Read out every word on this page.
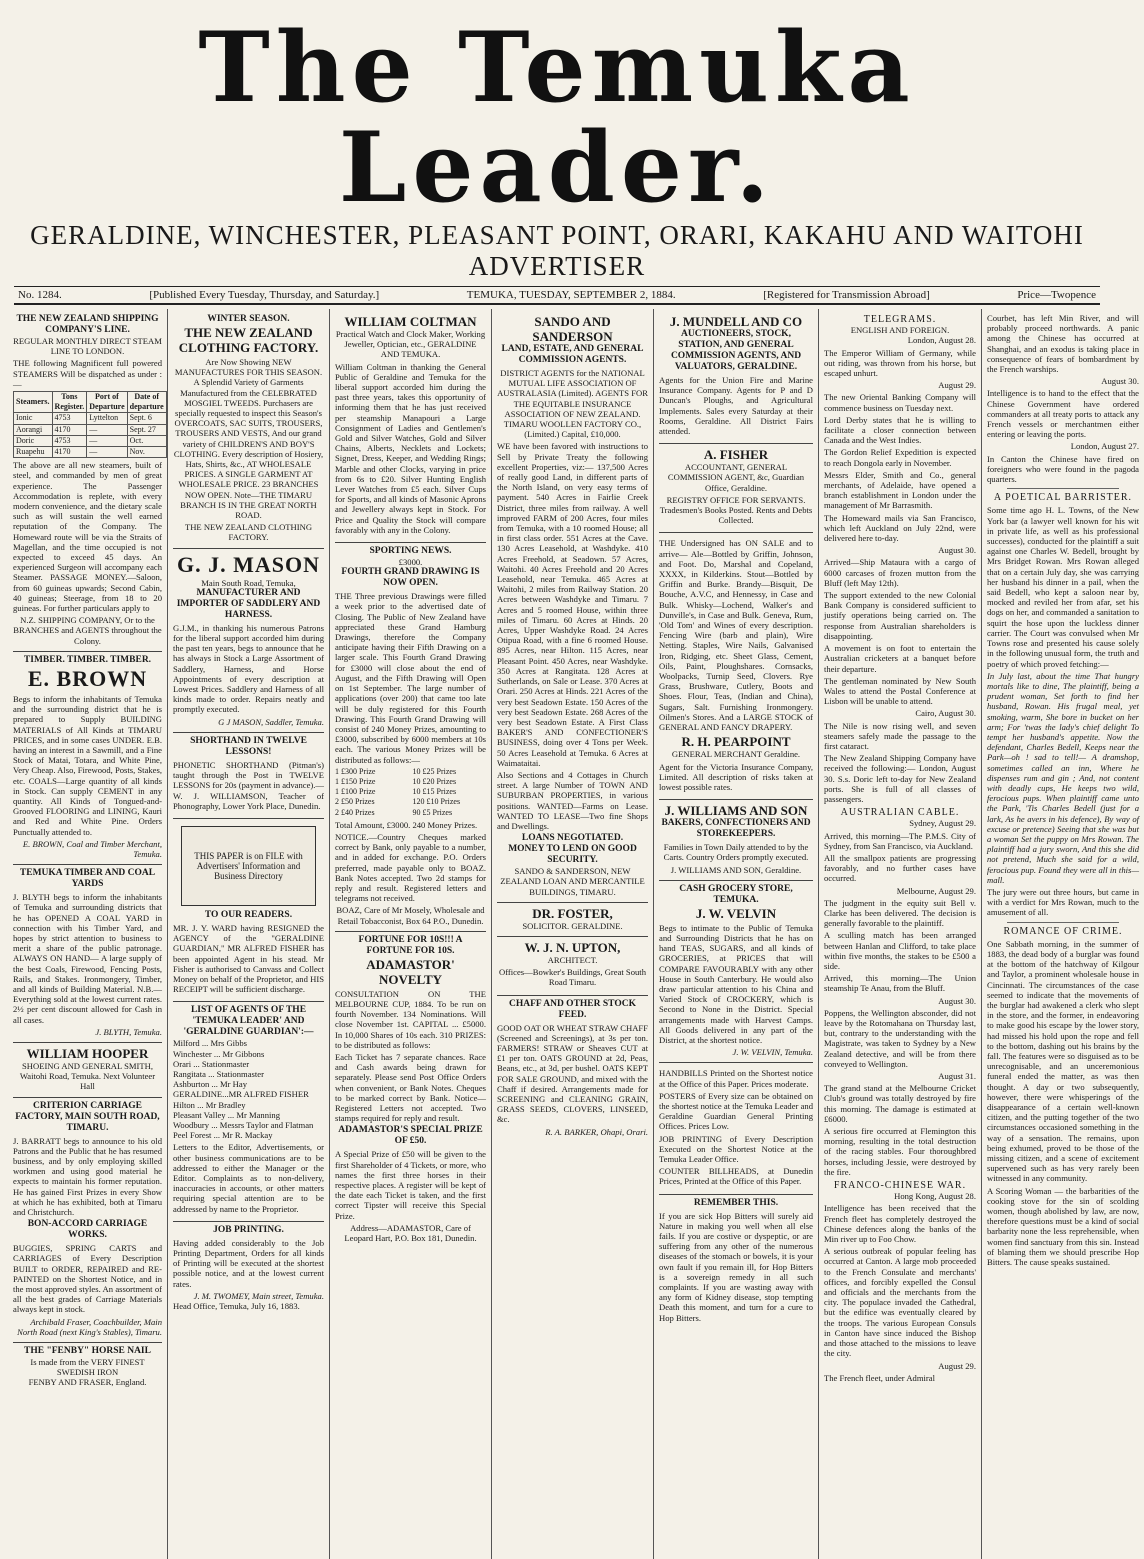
The Temuka Leader.
GERALDINE, WINCHESTER, PLEASANT POINT, ORARI, KAKAHU AND WAITOHI ADVERTISER
No. 1284.	[Published Every Tuesday, Thursday, and Saturday.]	TEMUKA, TUESDAY, SEPTEMBER 2, 1884.	[Registered for Transmission Abroad]	Price—Twopence
THE NEW ZEALAND SHIPPING COMPANY'S LINE.
REGULAR MONTHLY DIRECT STEAM LINE TO LONDON.

THE following Magnificent full powered STEAMERS Will be dispatched as under :—

Steamers.	Tons Register.	Port of Departure	Date of departure
Ionic	4753	Lyttelton	Sept. 6
Aorangi	4170	—	Sept. 27
Doric	4753	—	Oct.
Ruapehu	4170	—	Nov.

The above are all new steamers, built of steel, and commanded by men of great experience. The Passenger Accommodation is replete, with every modern convenience, and the dietary scale such as will sustain the well earned reputation of the Company. The Homeward route will be via the Straits of Magellan, and the time occupied is not expected to exceed 45 days. An experienced Surgeon will accompany each Steamer. PASSAGE MONEY.—Saloon, from 60 guineas upwards; Second Cabin, 40 guineas; Steerage, from 18 to 20 guineas. For further particulars apply to

N.Z. SHIPPING COMPANY, Or to the BRANCHES and AGENTS throughout the Colony.
TIMBER. TIMBER. TIMBER.
E. BROWN

Begs to inform the inhabitants of Temuka and the surrounding district that he is prepared to Supply BUILDING MATERIALS of All Kinds at TIMARU PRICES, and in some cases UNDER. E.B. having an interest in a Sawmill, and a Fine Stock of Matai, Totara, and White Pine, Very Cheap. Also, Firewood, Posts, Stakes, etc. COALS—Large quantity of all kinds in Stock. Can supply CEMENT in any quantity. All Kinds of Tongued-and-Grooved FLOORING and LINING, Kauri and Red and White Pine. Orders Punctually attended to.

E. BROWN, Coal and Timber Merchant, Temuka.
TEMUKA TIMBER AND COAL YARDS

J. BLYTH begs to inform the inhabitants of Temuka and surrounding districts that he has OPENED A COAL YARD in connection with his Timber Yard, and hopes by strict attention to business to merit a share of the public patronage. ALWAYS ON HAND— A large supply of the best Coals, Firewood, Fencing Posts, Rails, and Stakes. Ironmongery, Timber, and all kinds of Building Material. N.B.—Everything sold at the lowest current rates. 2½ per cent discount allowed for Cash in all cases.

J. BLYTH, Temuka.
WILLIAM HOOPER
SHOEING AND GENERAL SMITH, Waitohi Road, Temuka. Next Volunteer Hall
CRITERION CARRIAGE FACTORY, MAIN SOUTH ROAD, TIMARU.

J. BARRATT begs to announce to his old Patrons and the Public that he has resumed business, and by only employing skilled workmen and using good material he expects to maintain his former reputation. He has gained First Prizes in every Show at which he has exhibited, both at Timaru and Christchurch.

BON-ACCORD CARRIAGE WORKS.

BUGGIES, SPRING CARTS and CARRIAGES of Every Description BUILT to ORDER, REPAIRED and RE-PAINTED on the Shortest Notice, and in the most approved styles. An assortment of all the best grades of Carriage Materials always kept in stock.

Archibald Fraser, Coachbuilder, Main North Road (next King's Stables), Timaru.
THE "FENBY" HORSE NAIL
Is made from the VERY FINEST SWEDISH IRON
FENBY AND FRASER, England.
WINTER SEASON.
THE NEW ZEALAND CLOTHING FACTORY.

Are Now Showing NEW MANUFACTURES FOR THIS SEASON. A Splendid Variety of Garments Manufactured from the CELEBRATED MOSGIEL TWEEDS. Purchasers are specially requested to inspect this Season's OVERCOATS, SAC SUITS, TROUSERS, TROUSERS AND VESTS, And our grand variety of CHILDREN'S AND BOY'S CLOTHING. Every description of Hosiery, Hats, Shirts, &c., AT WHOLESALE PRICES. A SINGLE GARMENT AT WHOLESALE PRICE. 23 BRANCHES NOW OPEN. Note—THE TIMARU BRANCH IS IN THE GREAT NORTH ROAD.

THE NEW ZEALAND CLOTHING FACTORY.
G. J. MASON
Main South Road, Temuka,
MANUFACTURER AND IMPORTER OF SADDLERY AND HARNESS.

G.J.M., in thanking his numerous Patrons for the liberal support accorded him during the past ten years, begs to announce that he has always in Stock a Large Assortment of Saddlery, Harness, and Horse Appointments of every description at Lowest Prices. Saddlery and Harness of all kinds made to order. Repairs neatly and promptly executed.

G J MASON, Saddler, Temuka.
SHORTHAND IN TWELVE LESSONS!

PHONETIC SHORTHAND (Pitman's) taught through the Post in TWELVE LESSONS for 20s (payment in advance).—W. J. WILLIAMSON, Teacher of Phonography, Lower York Place, Dunedin.

THIS PAPER is on FILE with Advertisers' Information and Business Directory
TO OUR READERS.

MR. J. Y. WARD having RESIGNED the AGENCY of the "GERALDINE GUARDIAN," MR ALFRED FISHER has been appointed Agent in his stead. Mr Fisher is authorised to Canvass and Collect Money on behalf of the Proprietor, and HIS RECEIPT will be sufficient discharge.

LIST OF AGENTS OF THE 'TEMUKA LEADER' AND 'GERALDINE GUARDIAN':—
Milford ... Mrs Gibbs
Winchester ... Mr Gibbons
Orari ... Stationmaster
Rangitata ... Stationmaster
Ashburton ... Mr Hay
GERALDINE...MR ALFRED FISHER
Hilton ... Mr Bradley
Pleasant Valley ... Mr Manning
Woodbury ... Messrs Taylor and Flatman
Peel Forest ... Mr R. Mackay

Letters to the Editor, Advertisements, or other business communications are to be addressed to either the Manager or the Editor. Complaints as to non-delivery, inaccuracies in accounts, or other matters requiring special attention are to be addressed by name to the Proprietor.

JOB PRINTING.

Having added considerably to the Job Printing Department, Orders for all kinds of Printing will be executed at the shortest possible notice, and at the lowest current rates.

J. M. TWOMEY, Main street, Temuka.
Head Office, Temuka, July 16, 1883.
WILLIAM COLTMAN
Practical Watch and Clock Maker, Working Jeweller, Optician, etc., GERALDINE AND TEMUKA.

William Coltman in thanking the General Public of Geraldine and Temuka for the liberal support accorded him during the past three years, takes this opportunity of informing them that he has just received per steamship Manapouri a Large Consignment of Ladies and Gentlemen's Gold and Silver Watches, Gold and Silver Chains, Alberts, Necklets and Lockets; Signet, Dress, Keeper, and Wedding Rings; Marble and other Clocks, varying in price from 6s to £20. Silver Hunting English Lever Watches from £5 each. Silver Cups for Sports, and all kinds of Masonic Aprons and Jewellery always kept in Stock. For Price and Quality the Stock will compare favorably with any in the Colony.

SPORTING NEWS.
£3000.
FOURTH GRAND DRAWING IS NOW OPEN.

THE Three previous Drawings were filled a week prior to the advertised date of Closing. The Public of New Zealand have appreciated these Grand Hamburg Drawings, therefore the Company anticipate having their Fifth Drawing on a larger scale. This Fourth Grand Drawing for £3000 will close about the end of August, and the Fifth Drawing will Open on 1st September. The large number of applications (over 200) that came too late will be duly registered for this Fourth Drawing. This Fourth Grand Drawing will consist of 240 Money Prizes, amounting to £3000, subscribed by 6000 members at 10s each. The various Money Prizes will be distributed as follows:—

1 £300 Prize	10 £25 Prizes
1 £150 Prize	10 £20 Prizes
1 £100 Prize	10 £15 Prizes
2 £50 Prizes	120 £10 Prizes
2 £40 Prizes	90 £5 Prizes

Total Amount, £3000. 240 Money Prizes.

NOTICE.—Country Cheques marked correct by Bank, only payable to a number, and in added for exchange. P.O. Orders preferred, made payable only to BOAZ. Bank Notes accepted. Two 2d stamps for reply and result. Registered letters and telegrams not received.

BOAZ, Care of Mr Mosely, Wholesale and Retail Tobacconist, Box 64 P.O., Dunedin.
FORTUNE FOR 10S!!! A FORTUNE FOR 10S.
ADAMASTOR' NOVELTY

CONSULTATION ON THE MELBOURNE CUP, 1884. To be run on fourth November. 134 Nominations. Will close November 1st. CAPITAL ... £5000. In 10,000 Shares of 10s each. 310 PRIZES: to be distributed as follows:

Each Ticket has 7 separate chances. Race and Cash awards being drawn for separately. Please send Post Office Orders when convenient, or Bank Notes. Cheques to be marked correct by Bank. Notice—Registered Letters not accepted. Two stamps required for reply and result.

ADAMASTOR'S SPECIAL PRIZE OF £50.

A Special Prize of £50 will be given to the first Shareholder of 4 Tickets, or more, who names the first three horses in their respective places. A register will be kept of the date each Ticket is taken, and the first correct Tipster will receive this Special Prize.

Address—ADAMASTOR, Care of Leopard Hart, P.O. Box 181, Dunedin.
SANDO AND SANDERSON
LAND, ESTATE, AND GENERAL COMMISSION AGENTS.

DISTRICT AGENTS for the NATIONAL MUTUAL LIFE ASSOCIATION OF AUSTRALASIA (Limited). AGENTS FOR THE EQUITABLE INSURANCE ASSOCIATION OF NEW ZEALAND. TIMARU WOOLLEN FACTORY CO., (Limited.) Capital, £10,000.

WE have been favored with instructions to Sell by Private Treaty the following excellent Properties, viz:— 137,500 Acres of really good Land, in different parts of the North Island, on very easy terms of payment. 540 Acres in Fairlie Creek District, three miles from railway. A well improved FARM of 200 Acres, four miles from Temuka, with a 10 roomed House; all in first class order. 551 Acres at the Cave. 130 Acres Leasehold, at Washdyke. 410 Acres Freehold, at Seadown. 57 Acres, Waitohi. 40 Acres Freehold and 20 Acres Leasehold, near Temuka. 465 Acres at Waitohi, 2 miles from Railway Station. 20 Acres between Washdyke and Timaru. 7 Acres and 5 roomed House, within three miles of Timaru. 60 Acres at Hinds. 20 Acres, Upper Washdyke Road. 24 Acres Otipua Road, with a fine 6 roomed House. 895 Acres, near Hilton. 115 Acres, near Pleasant Point. 450 Acres, near Washdyke. 350 Acres at Rangitata. 128 Acres at Sutherlands, on Sale or Lease. 370 Acres at Orari. 250 Acres at Hinds. 221 Acres of the very best Seadown Estate. 150 Acres of the very best Seadown Estate. 268 Acres of the very best Seadown Estate. A First Class BAKER'S AND CONFECTIONER'S BUSINESS, doing over 4 Tons per Week. 50 Acres Leasehold at Temuka. 6 Acres at Waimataitai.

Also Sections and 4 Cottages in Church street. A large Number of TOWN AND SUBURBAN PROPERTIES, in various positions. WANTED—Farms on Lease. WANTED TO LEASE—Two fine Shops and Dwellings.

LOANS NEGOTIATED.
MONEY TO LEND ON GOOD SECURITY.
SANDO & SANDERSON, NEW ZEALAND LOAN AND MERCANTILE BUILDINGS, TIMARU.
DR. FOSTER,
SOLICITOR. GERALDINE.
W. J. N. UPTON,
ARCHITECT.

Offices—Bowker's Buildings, Great South Road Timaru.

CHAFF AND OTHER STOCK FEED.

GOOD OAT OR WHEAT STRAW CHAFF (Screened and Screenings), at 3s per ton. FARMERS! STRAW or Sheaves CUT at £1 per ton. OATS GROUND at 2d, Peas, Beans, etc., at 3d, per bushel. OATS KEPT FOR SALE GROUND, and mixed with the Chaff if desired. Arrangements made for SCREENING and CLEANING GRAIN, GRASS SEEDS, CLOVERS, LINSEED, &c.

R. A. BARKER, Ohapi, Orari.
J. MUNDELL AND CO
AUCTIONEERS, STOCK, STATION, AND GENERAL COMMISSION AGENTS, AND VALUATORS, GERALDINE.

Agents for the Union Fire and Marine Insurance Company. Agents for P and D Duncan's Ploughs, and Agricultural Implements. Sales every Saturday at their Rooms, Geraldine. All District Fairs attended.

A. FISHER
ACCOUNTANT, GENERAL COMMISSION AGENT, &c, Guardian Office, Geraldine.

REGISTRY OFFICE FOR SERVANTS. Tradesmen's Books Posted. Rents and Debts Collected.

THE Undersigned has ON SALE and to arrive— Ale—Bottled by Griffin, Johnson, and Foot. Do, Marshal and Copeland, XXXX, in Kilderkins. Stout—Bottled by Griffin and Burke. Brandy—Bisquit, De Bouche, A.V.C, and Hennessy, in Case and Bulk. Whisky—Lochend, Walker's and Dunville's, in Case and Bulk. Geneva, Rum, 'Old Tom' and Wines of every description. Fencing Wire (barb and plain), Wire Netting. Staples, Wire Nails, Galvanised Iron, Ridging, etc. Sheet Glass, Cement, Oils, Paint, Ploughshares. Cornsacks, Woolpacks, Turnip Seed, Clovers. Rye Grass, Brushware, Cutlery, Boots and Shoes. Flour, Teas, (Indian and China), Sugars, Salt. Furnishing Ironmongery. Oilmen's Stores. And a LARGE STOCK of GENERAL AND FANCY DRAPERY.

R. H. PEARPOINT
GENERAL MERCHANT Geraldine.

Agent for the Victoria Insurance Company, Limited. All description of risks taken at lowest possible rates.

J. WILLIAMS AND SON
BAKERS, CONFECTIONERS AND STOREKEEPERS.

Families in Town Daily attended to by the Carts. Country Orders promptly executed.

J. WILLIAMS AND SON, Geraldine.
CASH GROCERY STORE, TEMUKA.
J. W. VELVIN

Begs to intimate to the Public of Temuka and Surrounding Districts that he has on hand TEAS, SUGARS, and all kinds of GROCERIES, at PRICES that will COMPARE FAVOURABLY with any other House in South Canterbury. He would also draw particular attention to his China and Varied Stock of CROCKERY, which is Second to None in the District. Special arrangements made with Harvest Camps. All Goods delivered in any part of the District, at the shortest notice.

J. W. VELVIN, Temuka.

HANDBILLS Printed on the Shortest notice at the Office of this Paper. Prices moderate.

POSTERS of Every size can be obtained on the shortest notice at the Temuka Leader and Geraldine Guardian General Printing Offices. Prices Low.

JOB PRINTING of Every Description Executed on the Shortest Notice at the Temuka Leader Office.

COUNTER BILLHEADS, at Dunedin Prices, Printed at the Office of this Paper.

REMEMBER THIS.

If you are sick Hop Bitters will surely aid Nature in making you well when all else fails. If you are costive or dyspeptic, or are suffering from any other of the numerous diseases of the stomach or bowels, it is your own fault if you remain ill, for Hop Bitters is a sovereign remedy in all such complaints. If you are wasting away with any form of Kidney disease, stop tempting Death this moment, and turn for a cure to Hop Bitters.

TELEGRAMS.
ENGLISH AND FOREIGN.
London, August 28.

The Emperor William of Germany, while out riding, was thrown from his horse, but escaped unhurt.

August 29.

The new Oriental Banking Company will commence business on Tuesday next.

Lord Derby states that he is willing to facilitate a closer connection between Canada and the West Indies.

The Gordon Relief Expedition is expected to reach Dongola early in November.

Messrs Elder, Smith and Co., general merchants, of Adelaide, have opened a branch establishment in London under the management of Mr Barrasmith.

The Homeward mails via San Francisco, which left Auckland on July 22nd, were delivered here to-day.

August 30.

Arrived—Ship Mataura with a cargo of 6000 carcases of frozen mutton from the Bluff (left May 12th).

The support extended to the new Colonial Bank Company is considered sufficient to justify operations being carried on. The response from Australian shareholders is disappointing.

A movement is on foot to entertain the Australian cricketers at a banquet before their departure.

The gentleman nominated by New South Wales to attend the Postal Conference at Lisbon will be unable to attend.

Cairo, August 30.

The Nile is now rising well, and seven steamers safely made the passage to the first cataract.

The New Zealand Shipping Company have received the following:— London, August 30. S.s. Doric left to-day for New Zealand ports. She is full of all classes of passengers.

AUSTRALIAN CABLE.
Sydney, August 29.

Arrived, this morning—The P.M.S. City of Sydney, from San Francisco, via Auckland.

All the smallpox patients are progressing favorably, and no further cases have occurred.

Melbourne, August 29.

The judgment in the equity suit Bell v. Clarke has been delivered. The decision is generally favorable to the plaintiff.

A sculling match has been arranged between Hanlan and Clifford, to take place within five months, the stakes to be £500 a side.

Arrived, this morning—The Union steamship Te Anau, from the Bluff.

August 30.

Poppens, the Wellington absconder, did not leave by the Rotomahana on Thursday last, but, contrary to the understanding with the Magistrate, was taken to Sydney by a New Zealand detective, and will be from there conveyed to Wellington.

August 31.

The grand stand at the Melbourne Cricket Club's ground was totally destroyed by fire this morning. The damage is estimated at £6000.

A serious fire occurred at Flemington this morning, resulting in the total destruction of the racing stables. Four thoroughbred horses, including Jessie, were destroyed by the fire.

FRANCO-CHINESE WAR.
Hong Kong, August 28.

Intelligence has been received that the French fleet has completely destroyed the Chinese defences along the banks of the Min river up to Foo Chow.

A serious outbreak of popular feeling has occurred at Canton. A large mob proceeded to the French Consulate and merchants' offices, and forcibly expelled the Consul and officials and the merchants from the city. The populace invaded the Cathedral, but the edifice was eventually cleared by the troops. The various European Consuls in Canton have since induced the Bishop and those attached to the missions to leave the city.

August 29.

The French fleet, under Admiral

Courbet, has left Min River, and will probably proceed northwards. A panic among the Chinese has occurred at Shanghai, and an exodus is taking place in consequence of fears of bombardment by the French warships.

August 30.

Intelligence is to hand to the effect that the Chinese Government have ordered commanders at all treaty ports to attack any French vessels or merchantmen either entering or leaving the ports.

London, August 27.

In Canton the Chinese have fired on foreigners who were found in the pagoda quarters.

A POETICAL BARRISTER.

Some time ago H. L. Towns, of the New York bar (a lawyer well known for his wit in private life, as well as his professional successes), conducted for the plaintiff a suit against one Charles W. Bedell, brought by Mrs Bridget Rowan. Mrs Rowan alleged that on a certain July day, she was carrying her husband his dinner in a pail, when the said Bedell, who kept a saloon near by, mocked and reviled her from afar, set his dogs on her, and commanded a sanitation to squirt the hose upon the luckless dinner carrier. The Court was convulsed when Mr Towns rose and presented his cause solely in the following unusual form, the truth and poetry of which proved fetching:—

In July last, about the time That hungry mortals like to dine, The plaintiff, being a prudent woman, Set forth to find her husband, Rowan. His frugal meal, yet smoking, warm, She bore in bucket on her arm; For 'twas the lady's chief delight To tempt her husband's appetite. Now the defendant, Charles Bedell, Keeps near the Park—oh ! sad to tell!— A dramshop, sometimes called an inn, Where he dispenses rum and gin ; And, not content with deadly cups, He keeps two wild, ferocious pups. When plaintiff came unto the Park, 'Tis Charles Bedell (just for a lark, As he avers in his defence), By way of excuse or pretence) Seeing that she was but a woman Set the puppy on Mrs Rowan. The plaintiff had a jury sworn, And this she did not pretend, Much she said for a wild, ferocious pup. Found they were all in this—mall.

The jury were out three hours, but came in with a verdict for Mrs Rowan, much to the amusement of all.

ROMANCE OF CRIME.

One Sabbath morning, in the summer of 1883, the dead body of a burglar was found at the bottom of the hatchway of Kilgour and Taylor, a prominent wholesale house in Cincinnati. The circumstances of the case seemed to indicate that the movements of the burglar had awakened a clerk who slept in the store, and the former, in endeavoring to make good his escape by the lower story, had missed his hold upon the rope and fell to the bottom, dashing out his brains by the fall. The features were so disguised as to be unrecognisable, and an unceremonious funeral ended the matter, as was then thought. A day or two subsequently, however, there were whisperings of the disappearance of a certain well-known citizen, and the putting together of the two circumstances occasioned something in the way of a sensation. The remains, upon being exhumed, proved to be those of the missing citizen, and a scene of excitement supervened such as has very rarely been witnessed in any community.

A Scoring Woman — the barbarities of the cooking stove for the sin of scolding women, though abolished by law, are now, therefore questions must be a kind of social barbarity none the less reprehensible, when women find sanctuary from this sin. Instead of blaming them we should prescribe Hop Bitters. The cause speaks sustained.
